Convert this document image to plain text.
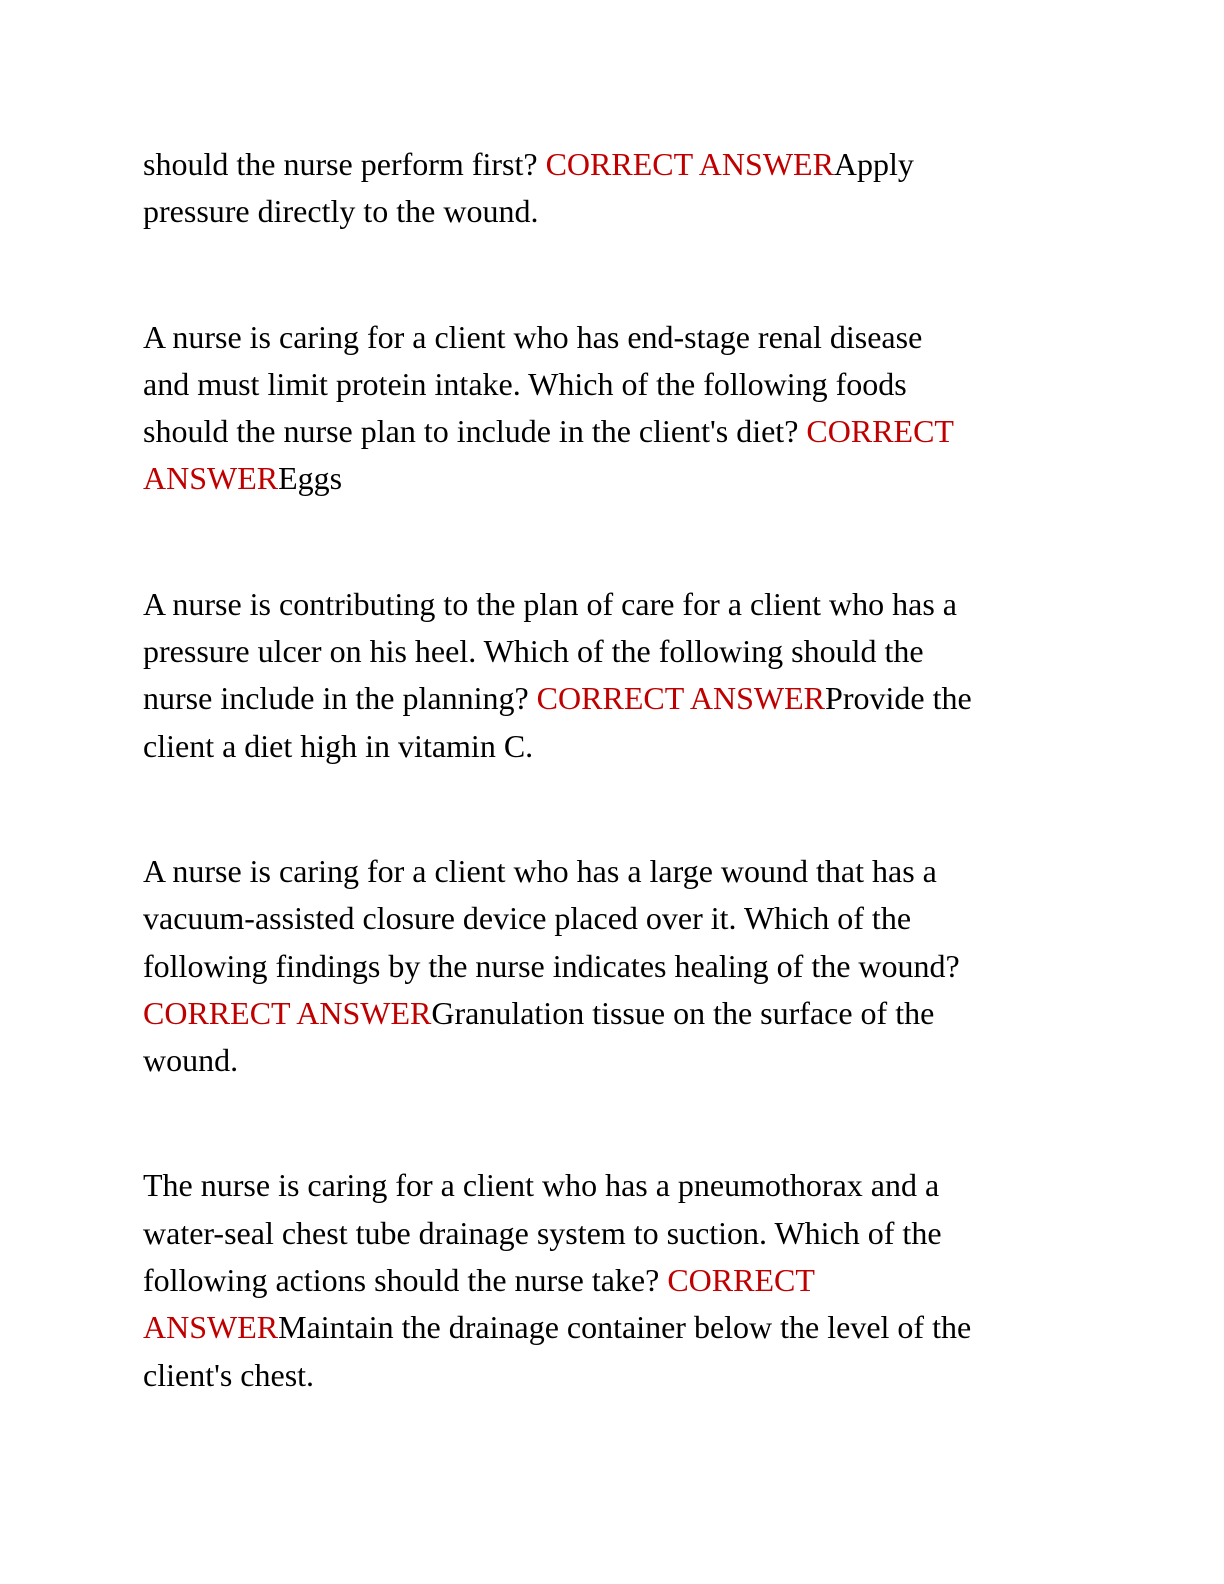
should the nurse perform first? CORRECT ANSWERApply
pressure directly to the wound.
A nurse is caring for a client who has end-stage renal disease
and must limit protein intake. Which of the following foods
should the nurse plan to include in the client's diet? CORRECT
ANSWEREggs
A nurse is contributing to the plan of care for a client who has a
pressure ulcer on his heel. Which of the following should the
nurse include in the planning? CORRECT ANSWERProvide the
client a diet high in vitamin C.
A nurse is caring for a client who has a large wound that has a
vacuum-assisted closure device placed over it. Which of the
following findings by the nurse indicates healing of the wound?
CORRECT ANSWERGranulation tissue on the surface of the
wound.
The nurse is caring for a client who has a pneumothorax and a
water-seal chest tube drainage system to suction. Which of the
following actions should the nurse take? CORRECT
ANSWERMaintain the drainage container below the level of the
client's chest.
